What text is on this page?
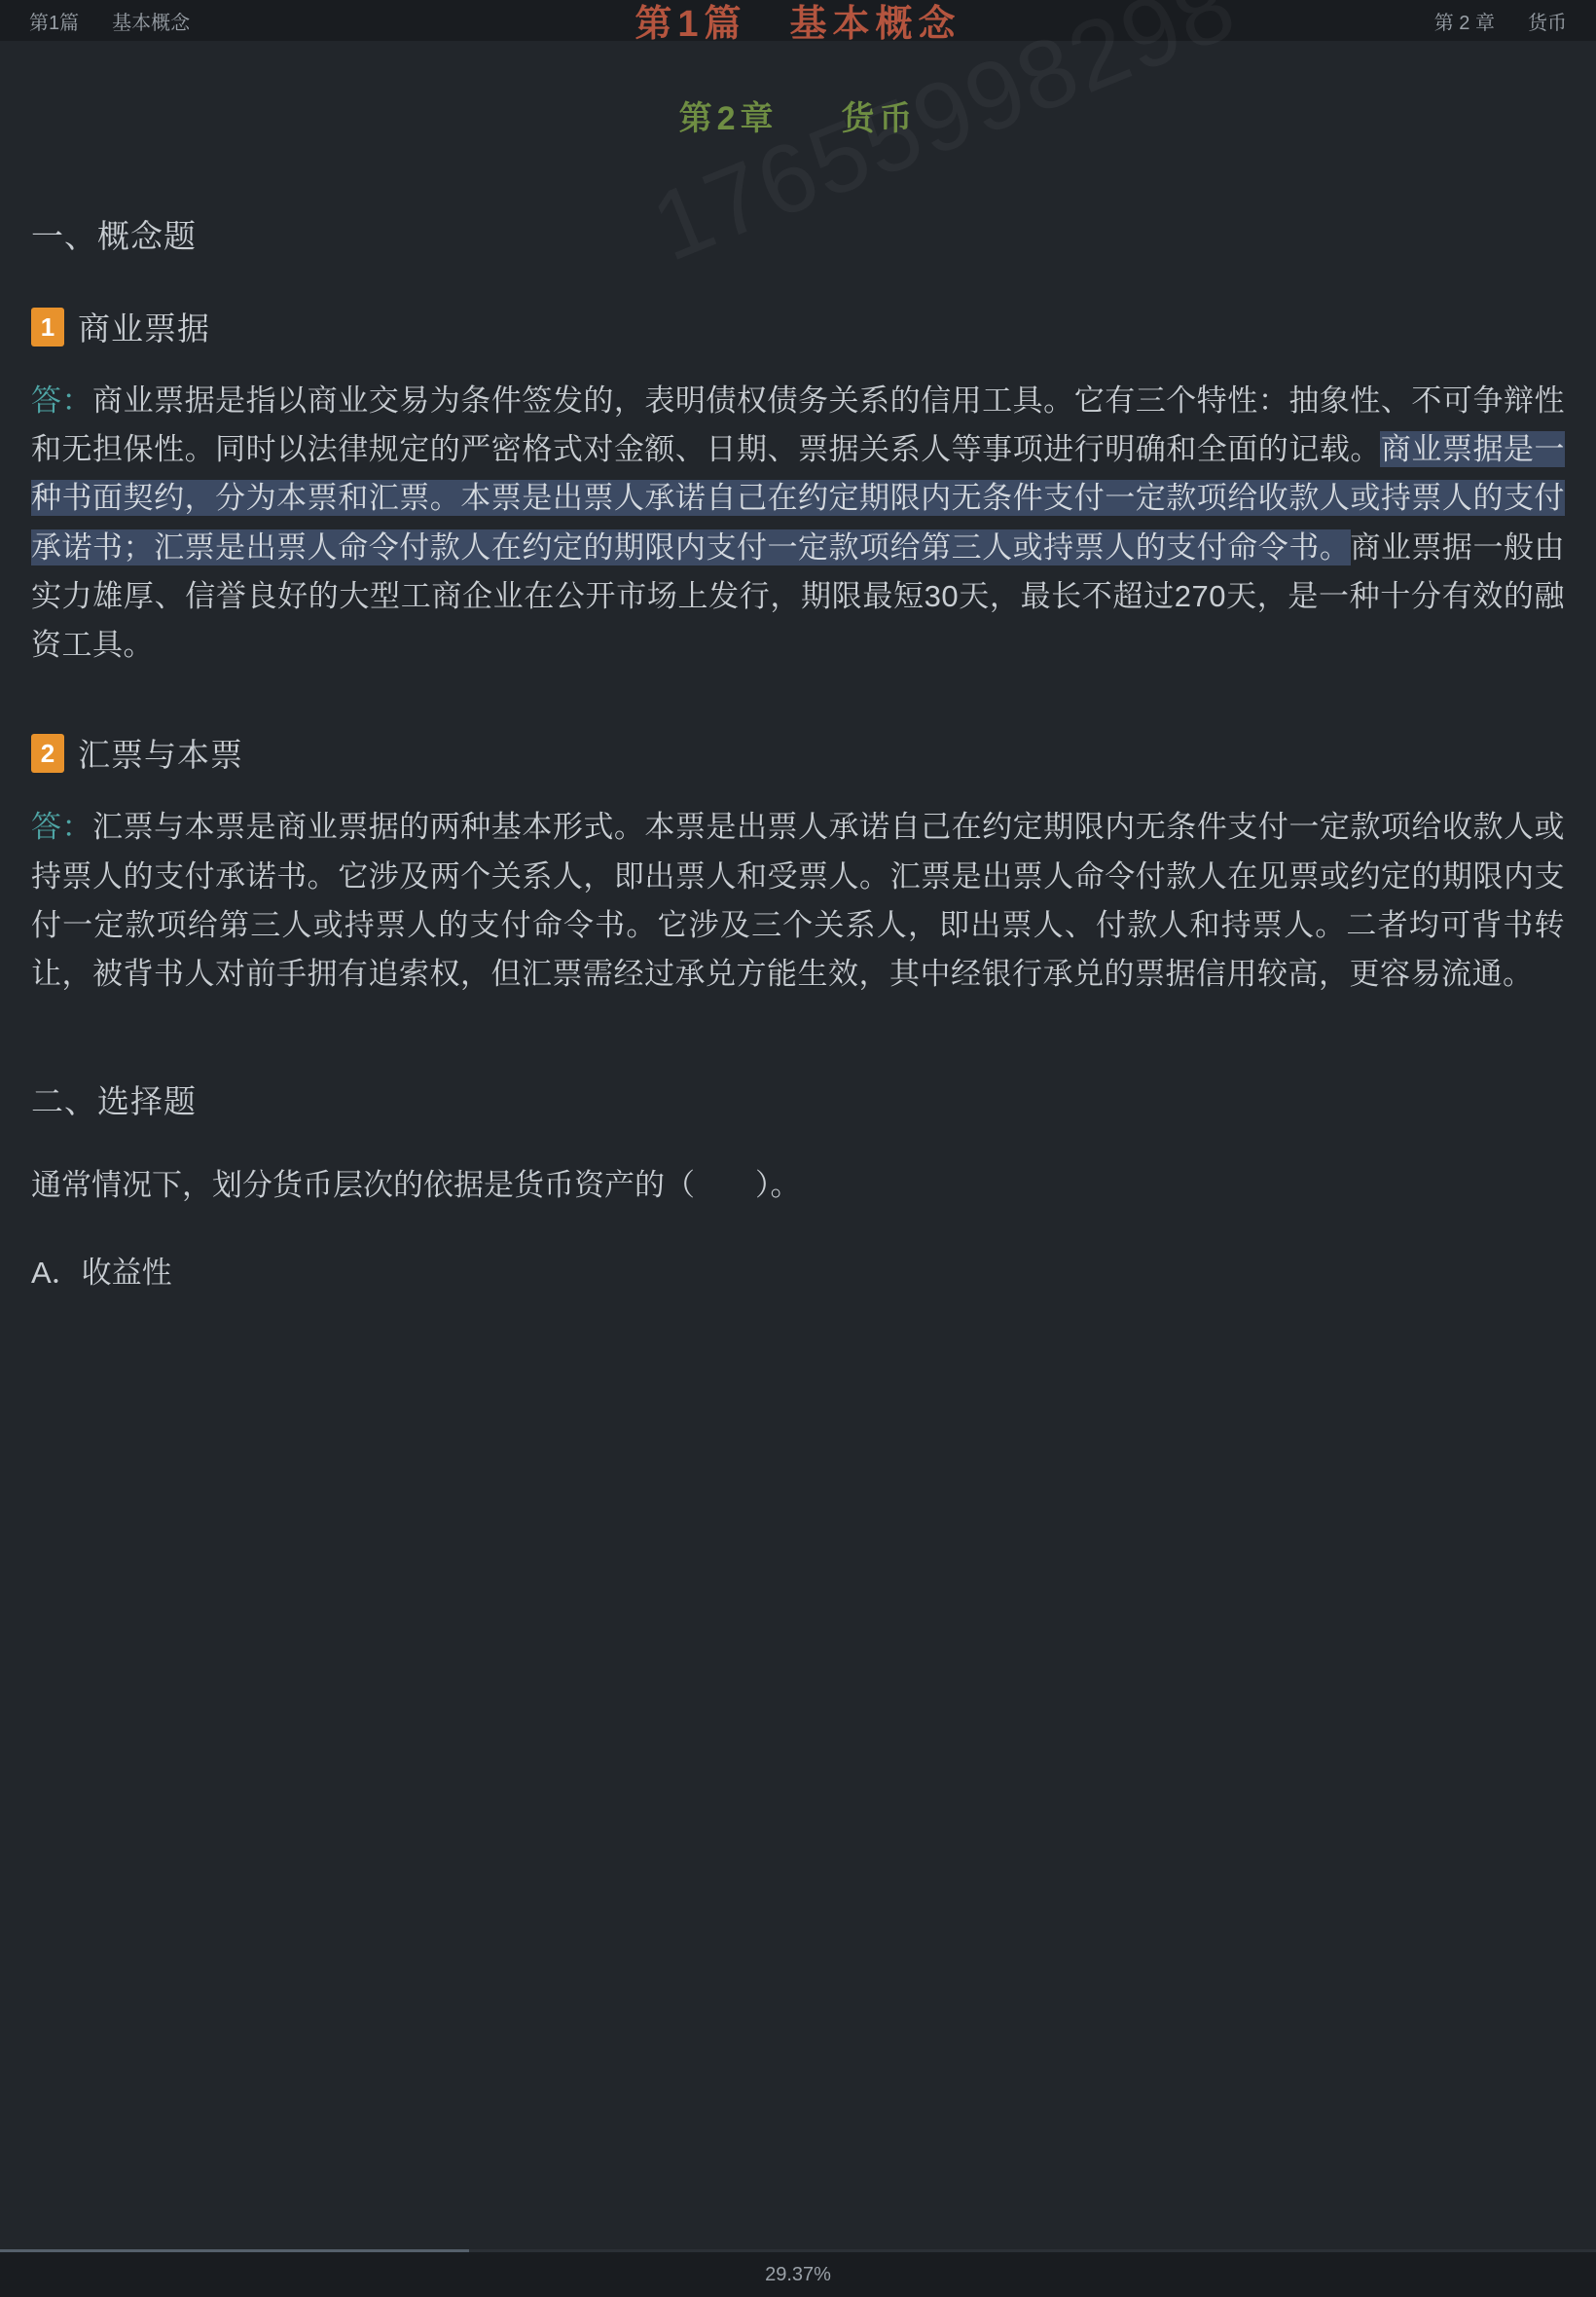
第1篇 基本概念	第 2 章 货币
第1篇　基本概念
第2章 货币
一、概念题
1 商业票据
答：商业票据是指以商业交易为条件签发的，表明债权债务关系的信用工具。它有三个特性：抽象性、不可争辩性和无担保性。同时以法律规定的严密格式对金额、日期、票据关系人等事项进行明确和全面的记载。商业票据是一种书面契约，分为本票和汇票。本票是出票人承诺自己在约定期限内无条件支付一定款项给收款人或持票人的支付承诺书；汇票是出票人命令付款人在约定的期限内支付一定款项给第三人或持票人的支付命令书。商业票据一般由实力雄厚、信誉良好的大型工商企业在公开市场上发行，期限最短30天，最长不超过270天，是一种十分有效的融资工具。
2 汇票与本票
答：汇票与本票是商业票据的两种基本形式。本票是出票人承诺自己在约定期限内无条件支付一定款项给收款人或持票人的支付承诺书。它涉及两个关系人，即出票人和受票人。汇票是出票人命令付款人在见票或约定的期限内支付一定款项给第三人或持票人的支付命令书。它涉及三个关系人，即出票人、付款人和持票人。二者均可背书转让，被背书人对前手拥有追索权，但汇票需经过承兑方能生效，其中经银行承兑的票据信用较高，更容易流通。
二、选择题
通常情况下，划分货币层次的依据是货币资产的（　　）。
A．收益性
29.37%
